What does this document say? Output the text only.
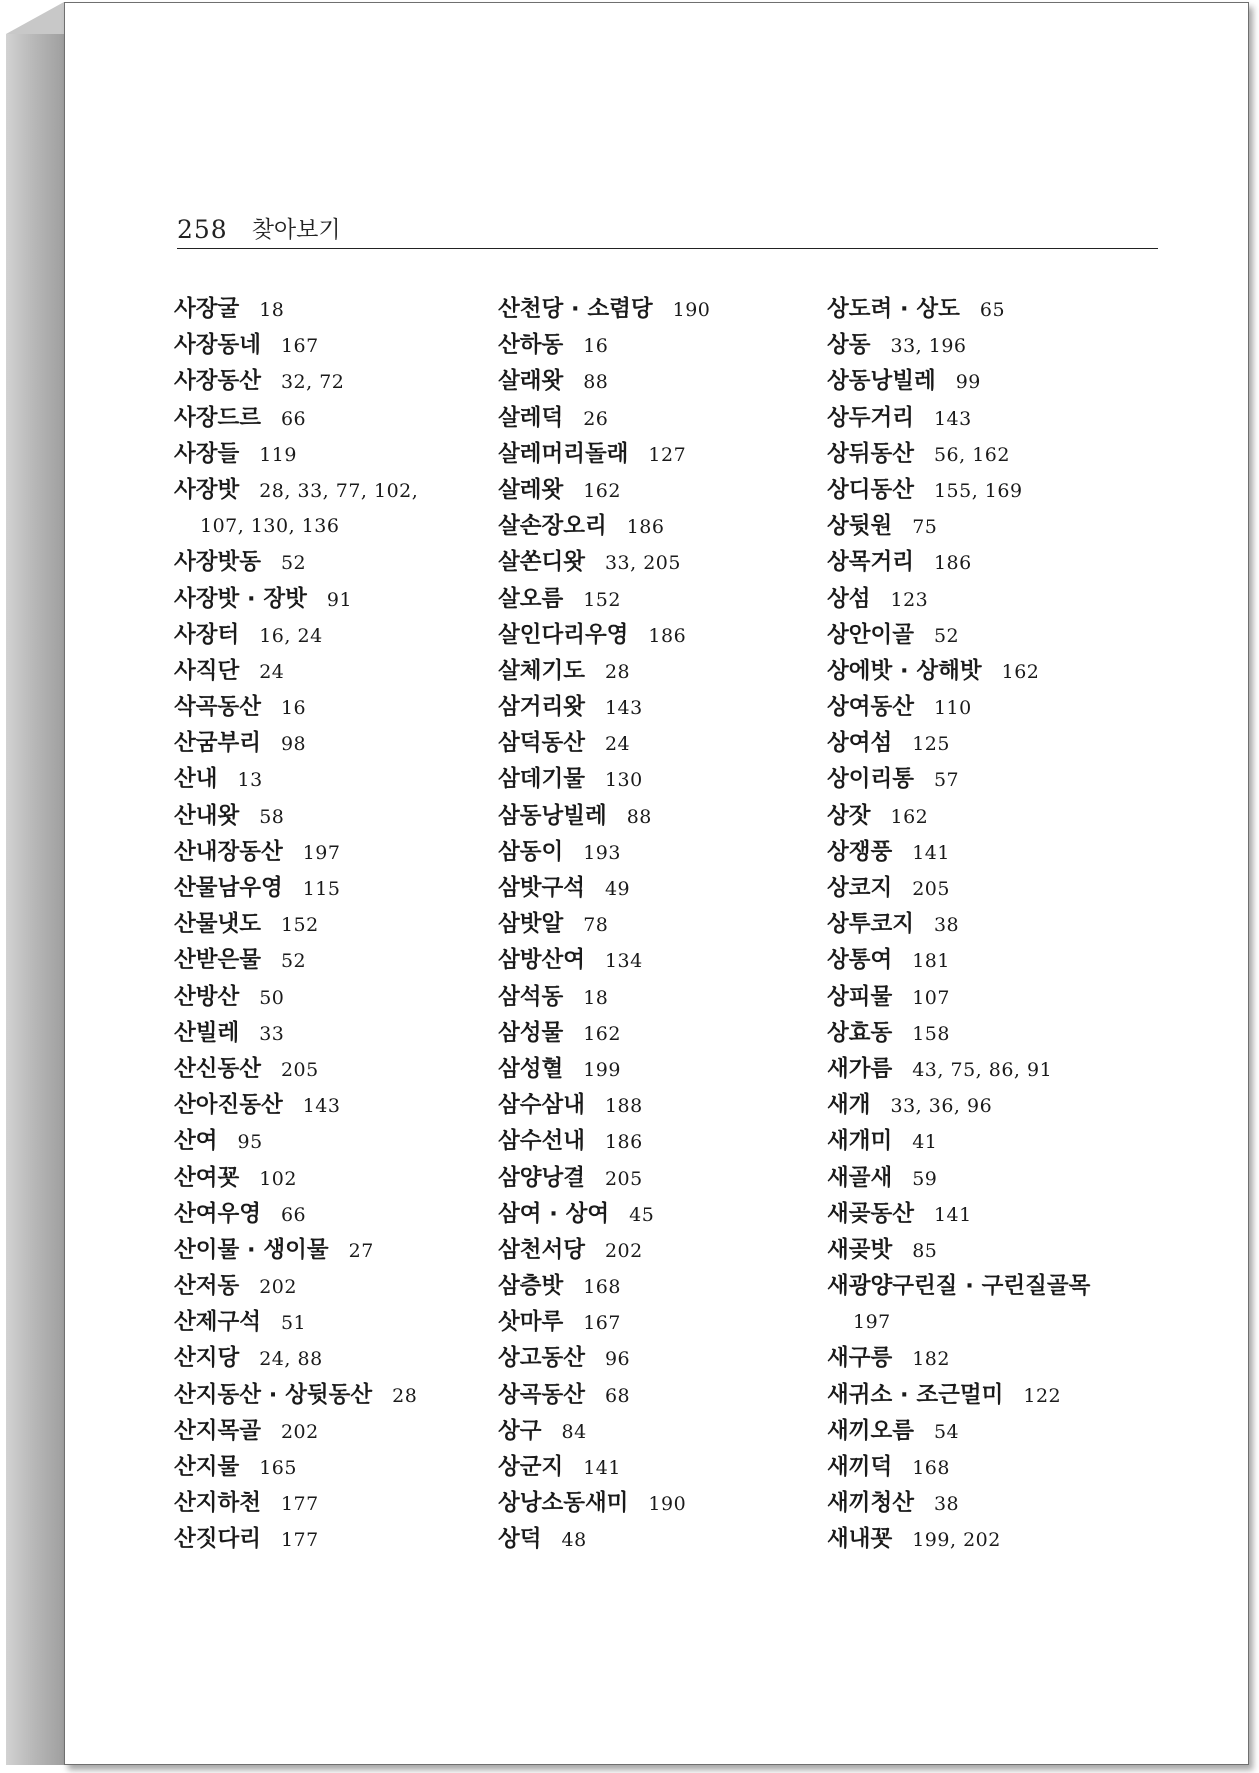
258 찾아보기
사장굴 18
사장동네 167
사장동산 32, 72
사장드르 66
사장들 119
사장밧 28, 33, 77, 102,
107, 130, 136
사장밧동 52
사장밧 · 장밧 91
사장터 16, 24
사직단 24
삭곡동산 16
산굼부리 98
산내 13
산내왓 58
산내장동산 197
산물남우영 115
산물냇도 152
산받은물 52
산방산 50
산빌레 33
산신동산 205
산아진동산 143
산여 95
산여꾯 102
산여우영 66
산이물 · 생이물 27
산저동 202
산제구석 51
산지당 24, 88
산지동산 · 상뒷동산 28
산지목골 202
산지물 165
산지하천 177
산짓다리 177
산천당 · 소렴당 190
산하동 16
살래왓 88
살레덕 26
살레머리돌래 127
살레왓 162
살손장오리 186
살쏜디왓 33, 205
살오름 152
살인다리우영 186
살체기도 28
삼거리왓 143
삼덕동산 24
삼데기물 130
삼동낭빌레 88
삼동이 193
삼밧구석 49
삼밧알 78
삼방산여 134
삼석동 18
삼성물 162
삼성혈 199
삼수삼내 188
삼수선내 186
삼양낭결 205
삼여 · 상여 45
삼천서당 202
삼층밧 168
삿마루 167
상고동산 96
상곡동산 68
상구 84
상군지 141
상낭소동새미 190
상덕 48
상도려 · 상도 65
상동 33, 196
상동낭빌레 99
상두거리 143
상뒤동산 56, 162
상디동산 155, 169
상뒷원 75
상목거리 186
상섬 123
상안이골 52
상에밧 · 상해밧 162
상여동산 110
상여섬 125
상이리통 57
상잣 162
상쟁풍 141
상코지 205
상투코지 38
상통여 181
상피물 107
상효동 158
새가름 43, 75, 86, 91
새개 33, 36, 96
새개미 41
새골새 59
새곶동산 141
새곶밧 85
새광양구린질 · 구린질골목
197
새구릉 182
새귀소 · 조근멀미 122
새끼오름 54
새끼덕 168
새끼청산 38
새내꾯 199, 202
